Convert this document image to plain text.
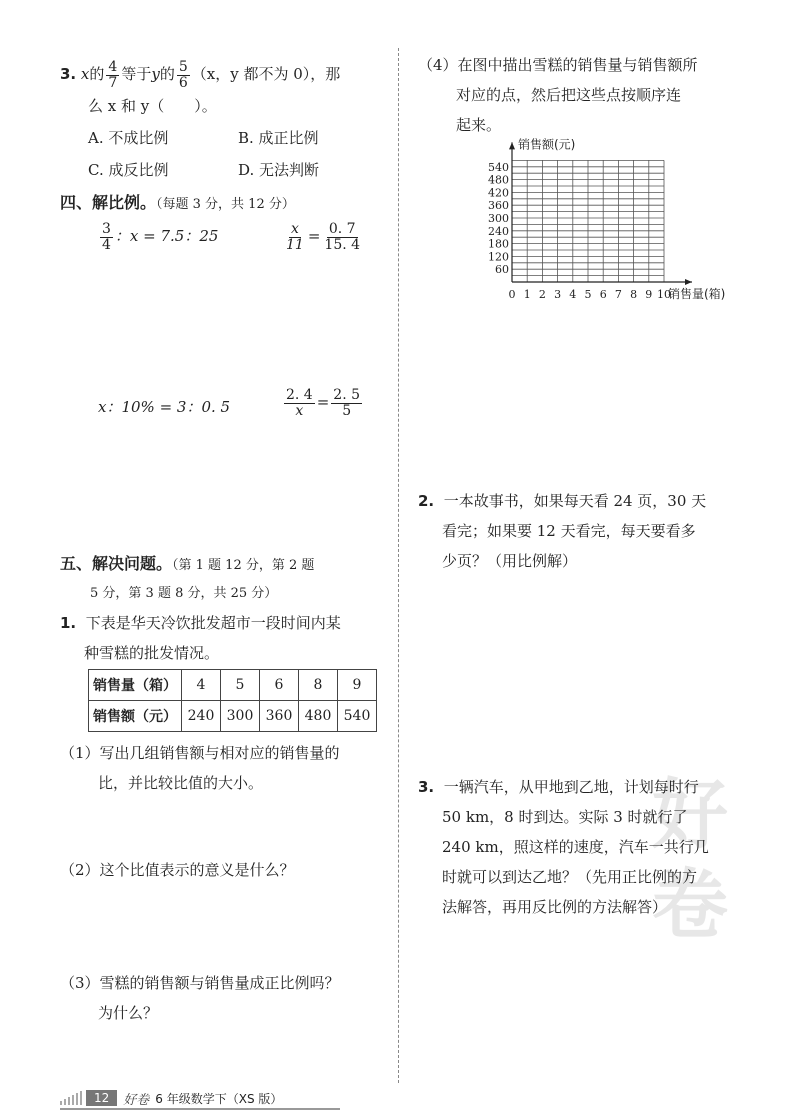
3. x的 $\frac{4}{7}$ 等于y的 $\frac{5}{6} (x$，y 都不为 0），那
么 x 和 y（　　）。
A. 不成比例	B. 成正比例
C. 成反比例	D. 无法判断
四、解比例。（每题 3 分，共 12 分）
$\frac{3}{4}$ ：x = 7.5：25	$\frac{x}{11} = \frac{0. 7}{15. 4}$
x：10% = 3：0. 5	$\frac{2. 4}{x} = \frac{2. 5}{5}$
五、解决问题。（第 1 题 12 分，第 2 题
5 分，第 3 题 8 分，共 25 分）
1. 下表是华天冷饮批发超市一段时间内某
种雪糕的批发情况。
销售量（箱）	4	5	6	8	9
销售额（元）	240	300	360	480	540
（1）写出几组销售额与相对应的销售量的
比，并比较比值的大小。
（2）这个比值表示的意义是什么？
（3）雪糕的销售额与销售量成正比例吗？
为什么？
（4）在图中描出雪糕的销售量与销售额所
对应的点，然后把这些点按顺序连
起来。
0 1 2 3 4 5 6 7 8 9 10
60
120
180
240
300
360
420
480
540
销售额(元)
销售量(箱)
2. 一本故事书，如果每天看 24 页，30 天
看完；如果要 12 天看完，每天要看多
少页？（用比例解）
3. 一辆汽车，从甲地到乙地，计划每时行
50 km，8 时到达。实际 3 时就行了
240 km，照这样的速度，汽车一共行几
时就可以到达乙地？（先用正比例的方
法解答，再用反比例的方法解答）
好卷
12	好卷 6 年级数学下（XS 版）
